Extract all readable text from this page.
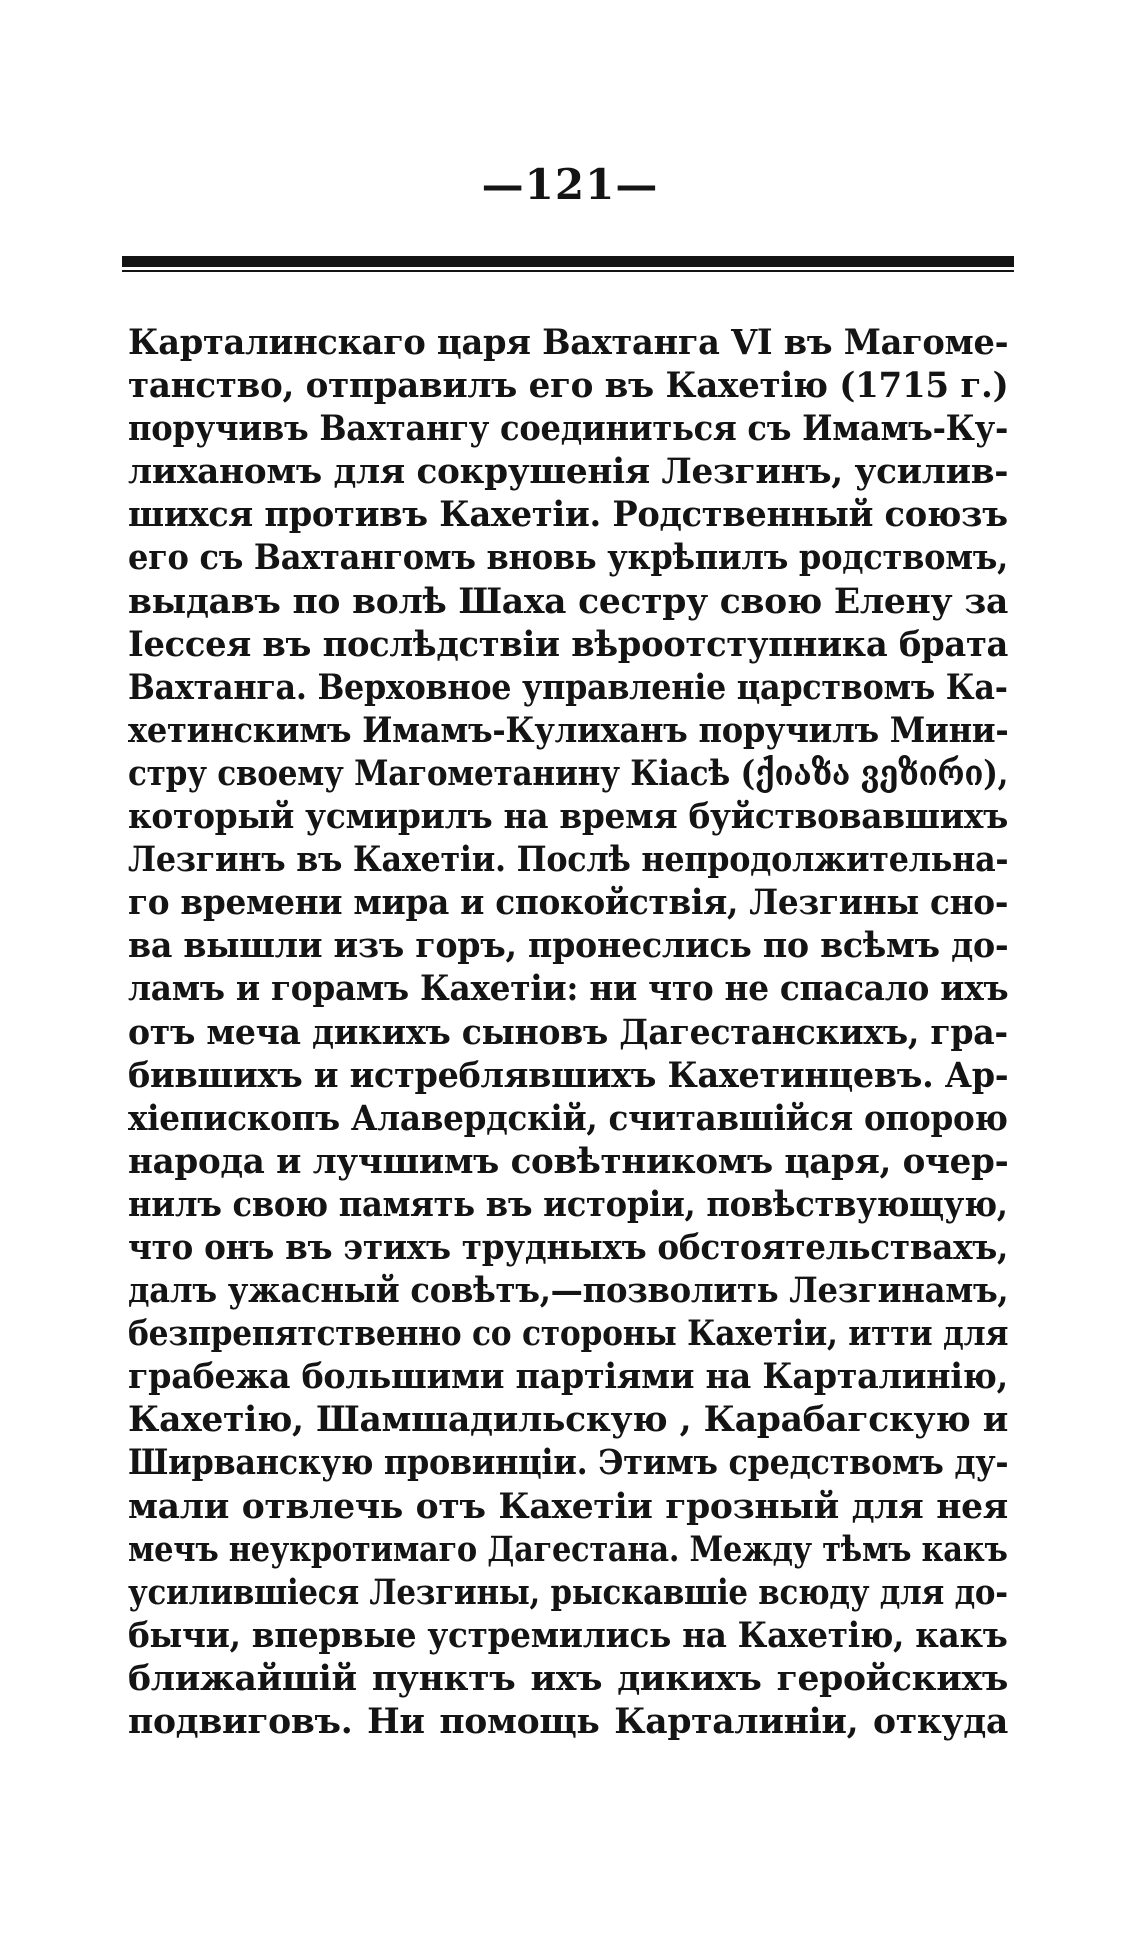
—121—
Карталинскаго царя Вахтанга VI въ Магоме-
танство, отправилъ его въ Кахетію (1715 г.)
поручивъ Вахтангу соединиться съ Имамъ-Ку-
лиханомъ для сокрушенія Лезгинъ, усилив-
шихся противъ Кахетіи. Родственный союзъ
его съ Вахтангомъ вновь укрѣпилъ родствомъ,
выдавъ по волѣ Шаха сестру свою Елену за
Іессея въ послѣдствіи вѣроотступника брата
Вахтанга. Верховное управленіе царствомъ Ка-
хетинскимъ Имамъ-Кулиханъ поручилъ Мини-
стру своему Магометанину Кіасѣ (ქიაზა ვეზირი),
который усмирилъ на время буйствовавшихъ
Лезгинъ въ Кахетіи. Послѣ непродолжительна-
го времени мира и спокойствія, Лезгины сно-
ва вышли изъ горъ, пронеслись по всѣмъ до-
ламъ и горамъ Кахетіи: ни что не спасало ихъ
отъ меча дикихъ сыновъ Дагестанскихъ, гра-
бившихъ и истреблявшихъ Кахетинцевъ. Ар-
хіепископъ Алавердскій, считавшійся опорою
народа и лучшимъ совѣтникомъ царя, очер-
нилъ свою память въ исторіи, повѣствующую,
что онъ въ этихъ трудныхъ обстоятельствахъ,
далъ ужасный совѣтъ,—позволить Лезгинамъ,
безпрепятственно со стороны Кахетіи, итти для
грабежа большими партіями на Карталинію,
Кахетію, Шамшадильскую , Карабагскую и
Ширванскую провинціи. Этимъ средствомъ ду-
мали отвлечь отъ Кахетіи грозный для нея
мечъ неукротимаго Дагестана. Между тѣмъ какъ
усилившіеся Лезгины, рыскавшіе всюду для до-
бычи, впервые устремились на Кахетію, какъ
ближайшій пунктъ ихъ дикихъ геройскихъ
подвиговъ. Ни помощь Карталиніи, откуда
